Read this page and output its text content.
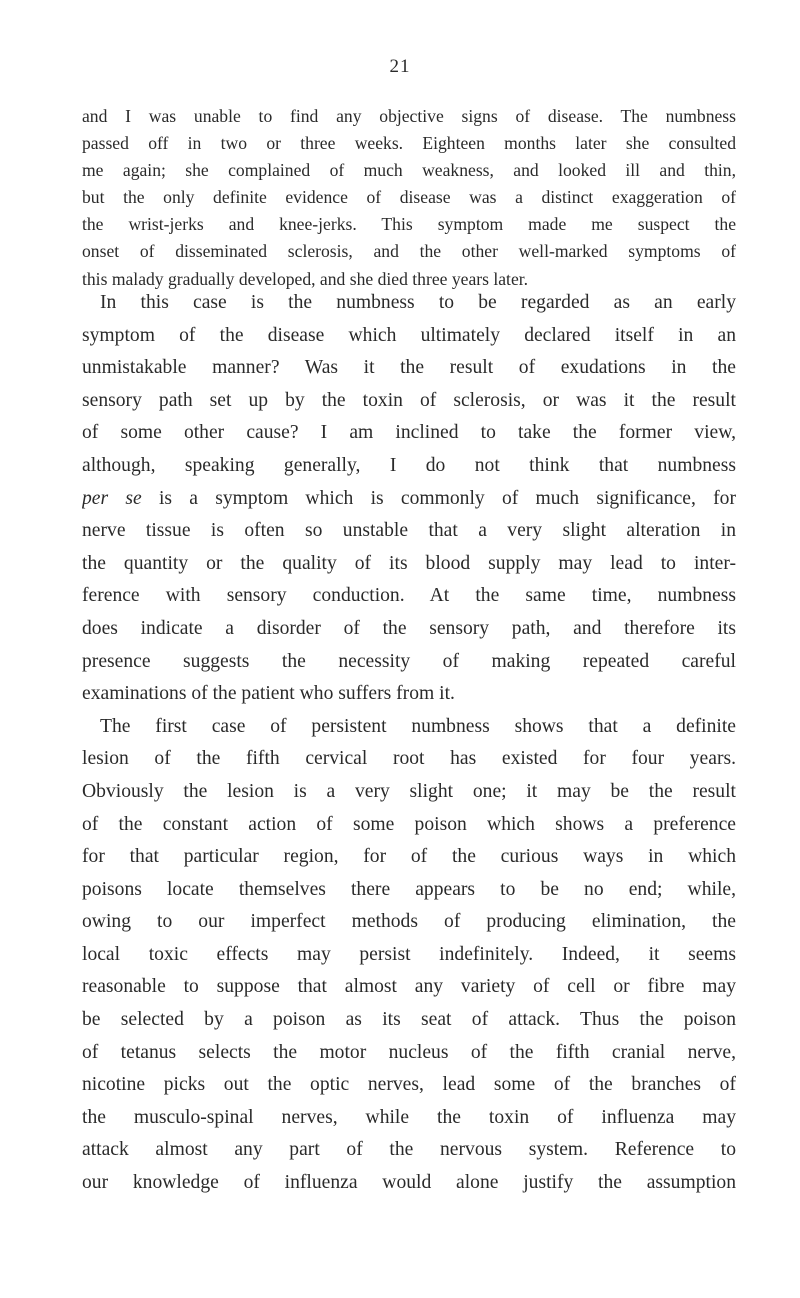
21

and I was unable to find any objective signs of disease. The numbness
passed off in two or three weeks. Eighteen months later she consulted
me again; she complained of much weakness, and looked ill and thin,
but the only definite evidence of disease was a distinct exaggeration of
the wrist-jerks and knee-jerks. This symptom made me suspect the
onset of disseminated sclerosis, and the other well-marked symptoms of
this malady gradually developed, and she died three years later.
In this case is the numbness to be regarded as an early
symptom of the disease which ultimately declared itself in an
unmistakable manner? Was it the result of exudations in the
sensory path set up by the toxin of sclerosis, or was it the result
of some other cause? I am inclined to take the former view,
although, speaking generally, I do not think that numbness
per se is a symptom which is commonly of much significance, for
nerve tissue is often so unstable that a very slight alteration in
the quantity or the quality of its blood supply may lead to inter-
ference with sensory conduction. At the same time, numbness
does indicate a disorder of the sensory path, and therefore its
presence suggests the necessity of making repeated careful
examinations of the patient who suffers from it.
The first case of persistent numbness shows that a definite
lesion of the fifth cervical root has existed for four years.
Obviously the lesion is a very slight one; it may be the result
of the constant action of some poison which shows a preference
for that particular region, for of the curious ways in which
poisons locate themselves there appears to be no end; while,
owing to our imperfect methods of producing elimination, the
local toxic effects may persist indefinitely. Indeed, it seems
reasonable to suppose that almost any variety of cell or fibre may
be selected by a poison as its seat of attack. Thus the poison
of tetanus selects the motor nucleus of the fifth cranial nerve,
nicotine picks out the optic nerves, lead some of the branches of
the musculo-spinal nerves, while the toxin of influenza may
attack almost any part of the nervous system. Reference to
our knowledge of influenza would alone justify the assumption
